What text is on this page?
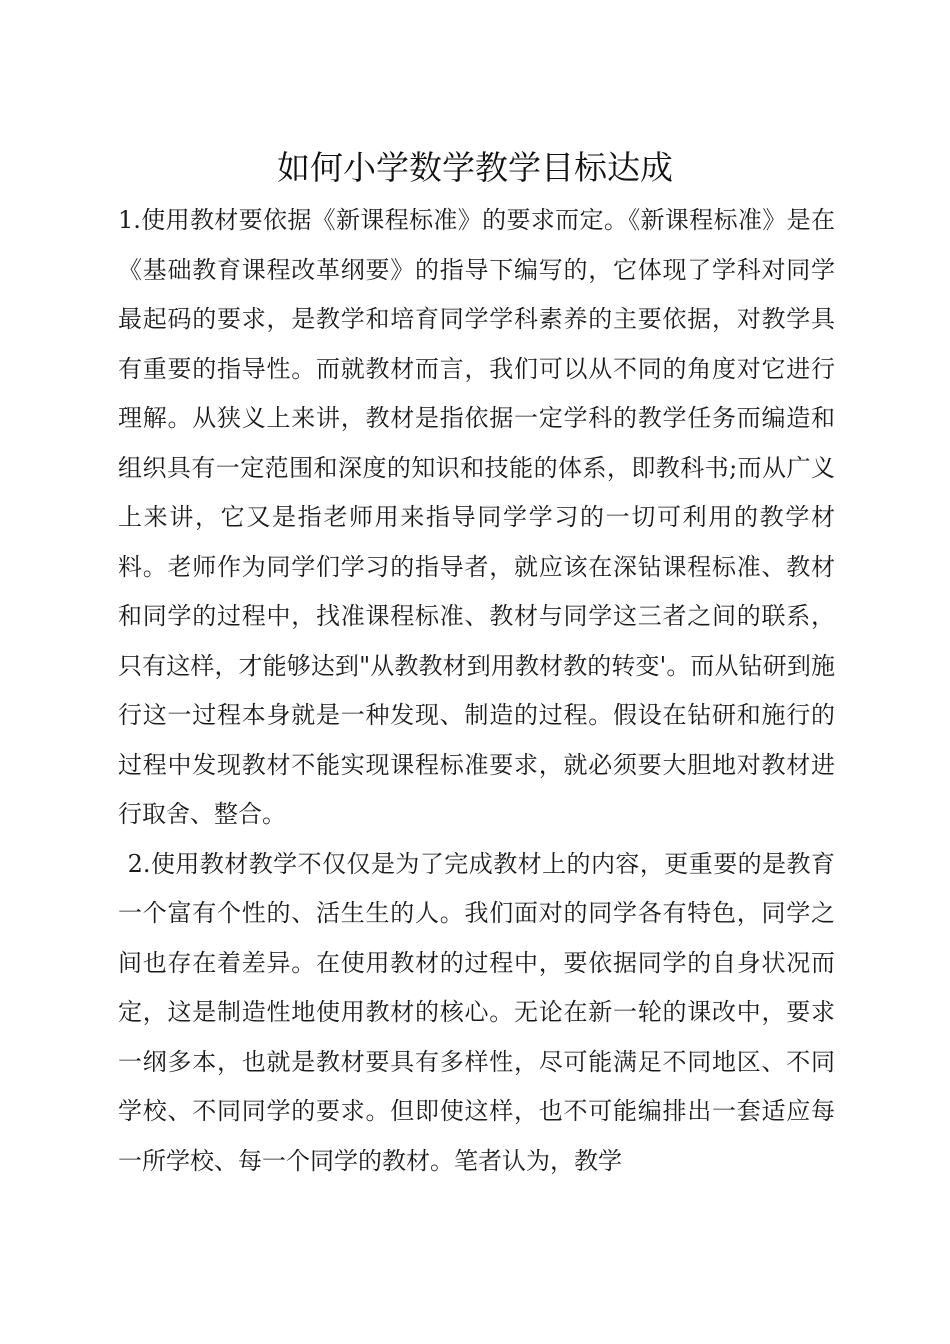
如何小学数学教学目标达成

1.使用教材要依据《新课程标准》的要求而定。《新课程标准》是在《基础教育课程改革纲要》的指导下编写的，它体现了学科对同学最起码的要求，是教学和培育同学学科素养的主要依据，对教学具有重要的指导性。而就教材而言，我们可以从不同的角度对它进行理解。从狭义上来讲，教材是指依据一定学科的教学任务而编造和组织具有一定范围和深度的知识和技能的体系，即教科书;而从广义上来讲，它又是指老师用来指导同学学习的一切可利用的教学材料。老师作为同学们学习的指导者，就应该在深钻课程标准、教材和同学的过程中，找准课程标准、教材与同学这三者之间的联系，只有这样，才能够达到"从教教材到用教材教的转变'。而从钻研到施行这一过程本身就是一种发现、制造的过程。假设在钻研和施行的过程中发现教材不能实现课程标准要求，就必须要大胆地对教材进行取舍、整合。

2.使用教材教学不仅仅是为了完成教材上的内容，更重要的是教育一个富有个性的、活生生的人。我们面对的同学各有特色，同学之间也存在着差异。在使用教材的过程中，要依据同学的自身状况而定，这是制造性地使用教材的核心。无论在新一轮的课改中，要求一纲多本，也就是教材要具有多样性，尽可能满足不同地区、不同学校、不同同学的要求。但即使这样，也不可能编排出一套适应每一所学校、每一个同学的教材。笔者认为，教学
